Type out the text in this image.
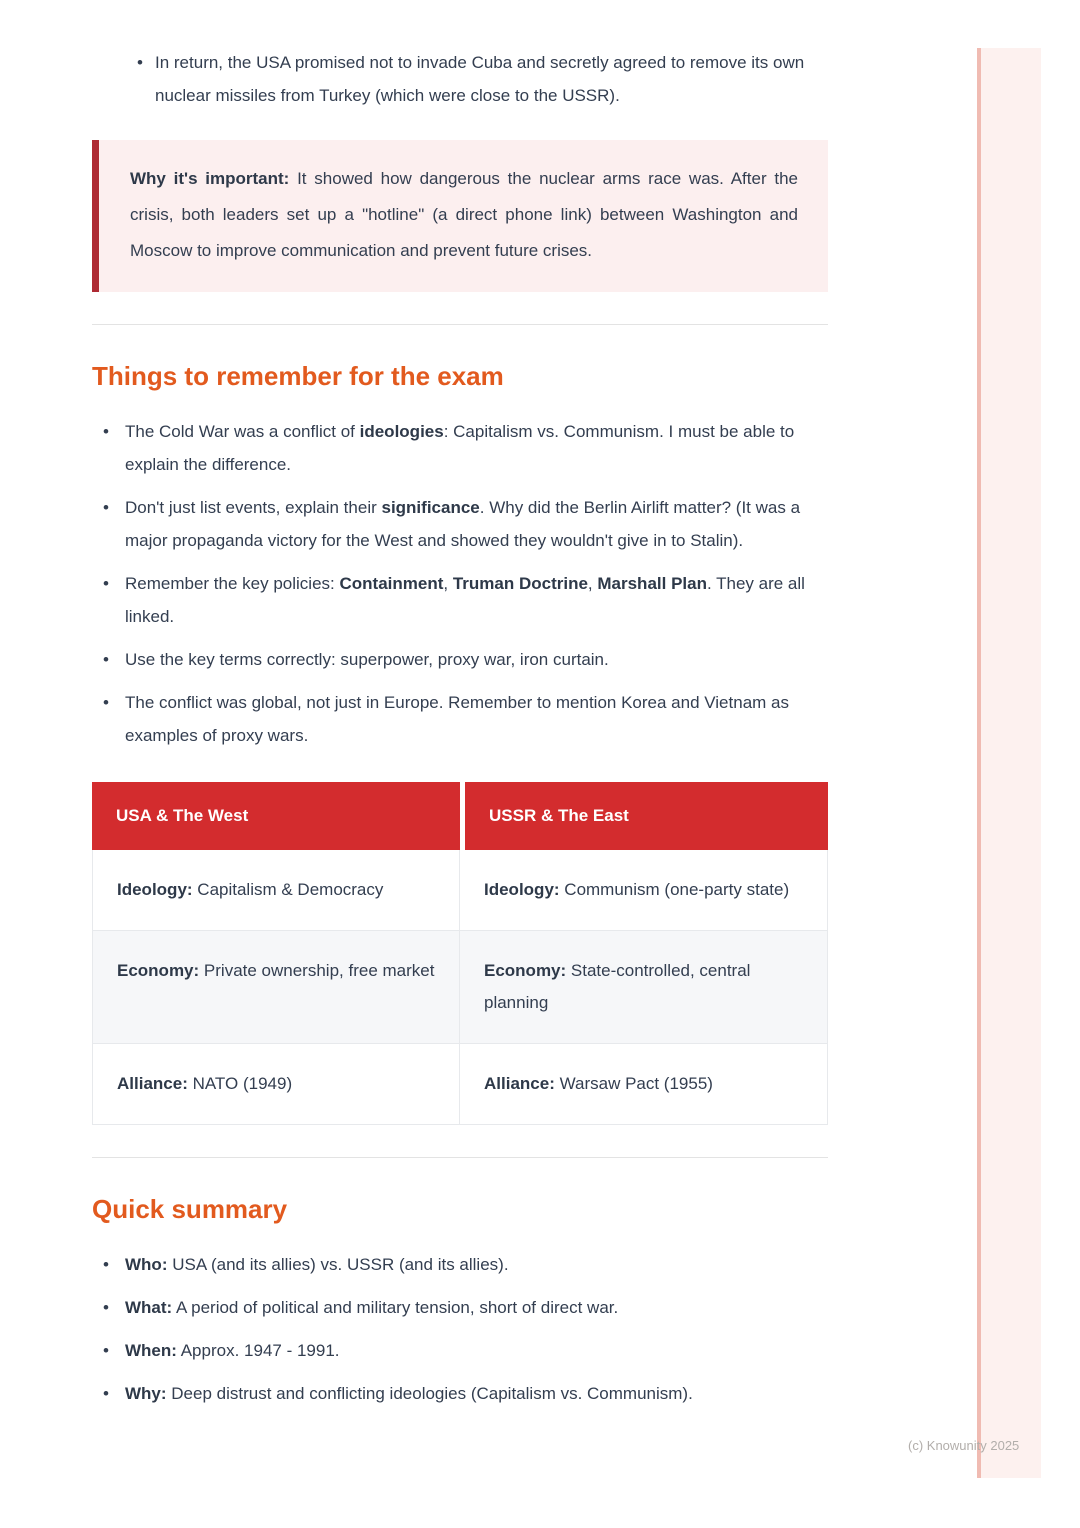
• In return, the USA promised not to invade Cuba and secretly agreed to remove its own nuclear missiles from Turkey (which were close to the USSR).

Why it's important: It showed how dangerous the nuclear arms race was. After the crisis, both leaders set up a "hotline" (a direct phone link) between Washington and Moscow to improve communication and prevent future crises.

Things to remember for the exam
• The Cold War was a conflict of ideologies: Capitalism vs. Communism. I must be able to explain the difference.
• Don't just list events, explain their significance. Why did the Berlin Airlift matter? (It was a major propaganda victory for the West and showed they wouldn't give in to Stalin).
• Remember the key policies: Containment, Truman Doctrine, Marshall Plan. They are all linked.
• Use the key terms correctly: superpower, proxy war, iron curtain.
• The conflict was global, not just in Europe. Remember to mention Korea and Vietnam as examples of proxy wars.
USA & The West	USSR & The East
Ideology: Capitalism & Democracy	Ideology: Communism (one-party state)
Economy: Private ownership, free market	Economy: State-controlled, central planning
Alliance: NATO (1949)	Alliance: Warsaw Pact (1955)
Quick summary
• Who: USA (and its allies) vs. USSR (and its allies).
• What: A period of political and military tension, short of direct war.
• When: Approx. 1947 - 1991.
• Why: Deep distrust and conflicting ideologies (Capitalism vs. Communism).
(c) Knowunity 2025
